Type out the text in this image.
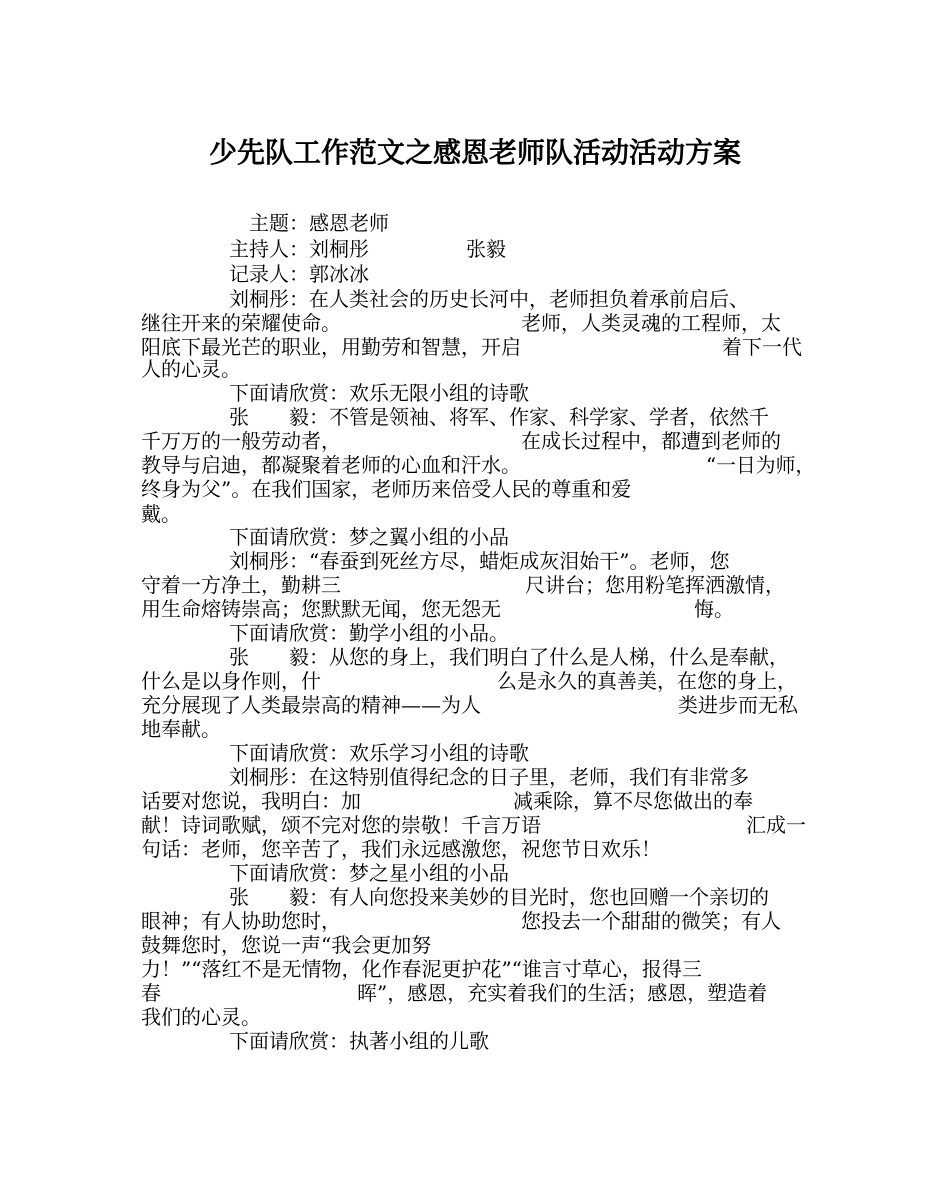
少先队工作范文之感恩老师队活动活动方案
主题：感恩老师
主持人：刘桐彤	张毅
记录人：郭冰冰
刘桐彤：在人类社会的历史长河中，老师担负着承前启后、
继往开来的荣耀使命。	老师，人类灵魂的工程师，太
阳底下最光芒的职业，用勤劳和智慧，开启	着下一代
人的心灵。
下面请欣赏：欢乐无限小组的诗歌
张　　毅：不管是领袖、将军、作家、科学家、学者，依然千
千万万的一般劳动者，	在成长过程中，都遭到老师的
教导与启迪，都凝聚着老师的心血和汗水。	“一日为师，
终身为父”。在我们国家，老师历来倍受人民的尊重和爱
戴。
下面请欣赏：梦之翼小组的小品
刘桐彤：“春蚕到死丝方尽，蜡炬成灰泪始干”。老师，您
守着一方净土，勤耕三	尺讲台；您用粉笔挥洒激情，
用生命熔铸崇高；您默默无闻，您无怨无	悔。
下面请欣赏：勤学小组的小品。
张　　毅：从您的身上，我们明白了什么是人梯，什么是奉献，
什么是以身作则，什	么是永久的真善美，在您的身上，
充分展现了人类最崇高的精神——为人	类进步而无私
地奉献。
下面请欣赏：欢乐学习小组的诗歌
刘桐彤：在这特别值得纪念的日子里，老师，我们有非常多
话要对您说，我明白：加	减乘除，算不尽您做出的奉
献！诗词歌赋，颂不完对您的崇敬！千言万语	汇成一
句话：老师，您辛苦了，我们永远感激您，祝您节日欢乐！
下面请欣赏：梦之星小组的小品
张　　毅：有人向您投来美妙的目光时，您也回赠一个亲切的
眼神；有人协助您时，	您投去一个甜甜的微笑；有人
鼓舞您时，您说一声“我会更加努
力！”“落红不是无情物，化作春泥更护花”“谁言寸草心，报得三
春	晖”，感恩，充实着我们的生活；感恩，塑造着
我们的心灵。
下面请欣赏：执著小组的儿歌
